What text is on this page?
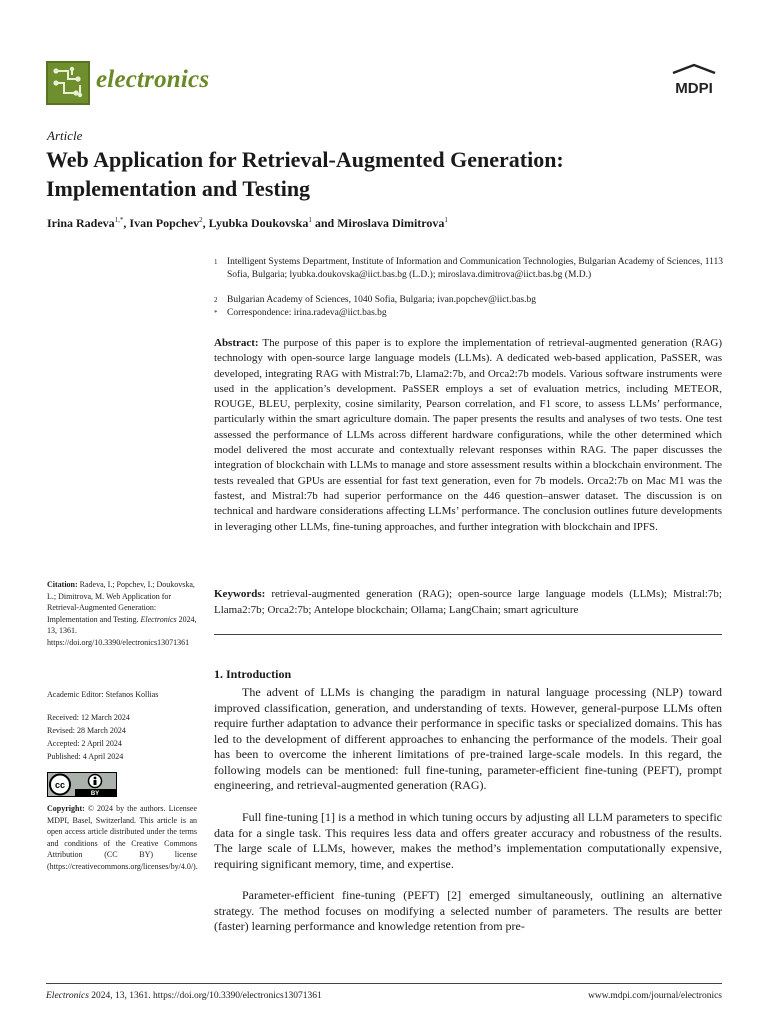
electronics	MDPI
Article
Web Application for Retrieval-Augmented Generation:
Implementation and Testing
Irina Radeva$^{1,*}$, Ivan Popchev$^2$, Lyubka Doukovska$^1$ and Miroslava Dimitrova$^1$
1 Intelligent Systems Department, Institute of Information and Communication Technologies, Bulgarian Academy of Sciences, 1113 Sofia, Bulgaria; lyubka.doukovska@iict.bas.bg (L.D.); miroslava.dimitrova@iict.bas.bg (M.D.)
2 Bulgarian Academy of Sciences, 1040 Sofia, Bulgaria; ivan.popchev@iict.bas.bg
* Correspondence: irina.radeva@iict.bas.bg
Abstract: The purpose of this paper is to explore the implementation of retrieval-augmented generation (RAG) technology with open-source large language models (LLMs). A dedicated web-based application, PaSSER, was developed, integrating RAG with Mistral:7b, Llama2:7b, and Orca2:7b models. Various software instruments were used in the application’s development. PaSSER employs a set of evaluation metrics, including METEOR, ROUGE, BLEU, perplexity, cosine similarity, Pearson correlation, and F1 score, to assess LLMs’ performance, particularly within the smart agriculture domain. The paper presents the results and analyses of two tests. One test assessed the performance of LLMs across different hardware configurations, while the other determined which model delivered the most accurate and contextually relevant responses within RAG. The paper discusses the integration of blockchain with LLMs to manage and store assessment results within a blockchain environment. The tests revealed that GPUs are essential for fast text generation, even for 7b models. Orca2:7b on Mac M1 was the fastest, and Mistral:7b had superior performance on the 446 question–answer dataset. The discussion is on technical and hardware considerations affecting LLMs’ performance. The conclusion outlines future developments in leveraging other LLMs, fine-tuning approaches, and further integration with blockchain and IPFS.
Keywords: retrieval-augmented generation (RAG); open-source large language models (LLMs); Mistral:7b; Llama2:7b; Orca2:7b; Antelope blockchain; Ollama; LangChain; smart agriculture
Citation: Radeva, I.; Popchev, I.; Doukovska, L.; Dimitrova, M. Web Application for Retrieval-Augmented Generation: Implementation and Testing. Electronics 2024, 13, 1361. https://doi.org/10.3390/electronics13071361
Academic Editor: Stefanos Kollias
Received: 12 March 2024
Revised: 28 March 2024
Accepted: 2 April 2024
Published: 4 April 2024
cc
BY
Copyright: © 2024 by the authors. Licensee MDPI, Basel, Switzerland. This article is an open access article distributed under the terms and conditions of the Creative Commons Attribution (CC BY) license (https://creativecommons.org/licenses/by/4.0/).
1. Introduction
The advent of LLMs is changing the paradigm in natural language processing (NLP) toward improved classification, generation, and understanding of texts. However, general-purpose LLMs often require further adaptation to advance their performance in specific tasks or specialized domains. This has led to the development of different approaches to enhancing the performance of the models. Their goal has been to overcome the inherent limitations of pre-trained large-scale models. In this regard, the following models can be mentioned: full fine-tuning, parameter-efficient fine-tuning (PEFT), prompt engineering, and retrieval-augmented generation (RAG).
Full fine-tuning [1] is a method in which tuning occurs by adjusting all LLM parameters to specific data for a single task. This requires less data and offers greater accuracy and robustness of the results. The large scale of LLMs, however, makes the method’s implementation computationally expensive, requiring significant memory, time, and expertise.
Parameter-efficient fine-tuning (PEFT) [2] emerged simultaneously, outlining an alternative strategy. The method focuses on modifying a selected number of parameters. The results are better (faster) learning performance and knowledge retention from pre-
Electronics 2024, 13, 1361. https://doi.org/10.3390/electronics13071361	www.mdpi.com/journal/electronics
